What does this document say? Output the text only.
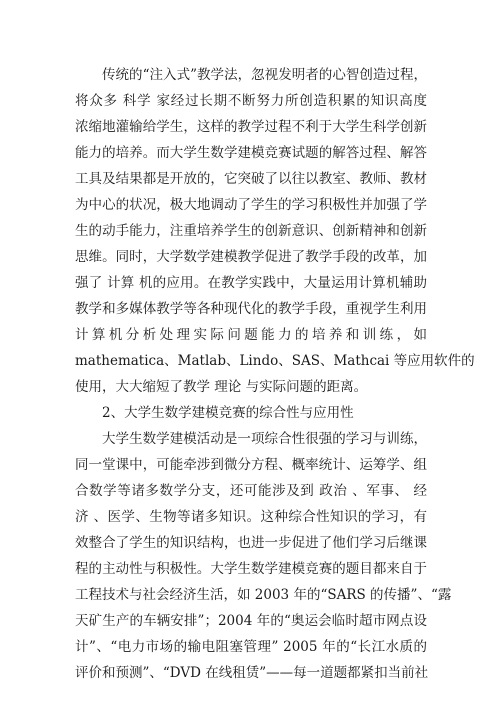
传统的“注入式”教学法，忽视发明者的心智创造过程，
将众多 科学 家经过长期不断努力所创造积累的知识高度
浓缩地灌输给学生，这样的教学过程不利于大学生科学创新
能力的培养。而大学生数学建模竞赛试题的解答过程、解答
工具及结果都是开放的，它突破了以往以教室、教师、教材
为中心的状况，极大地调动了学生的学习积极性并加强了学
生的动手能力，注重培养学生的创新意识、创新精神和创新
思维。同时，大学数学建模教学促进了教学手段的改革，加
强了 计算 机的应用。在教学实践中，大量运用计算机辅助
教学和多媒体教学等各种现代化的教学手段，重视学生利用
计算机分析处理实际问题能力的培养和训练，如
mathematica、Matlab、Lindo、SAS、Mathcai 等应用软件的
使用，大大缩短了教学 理论 与实际问题的距离。
2、大学生数学建模竞赛的综合性与应用性
大学生数学建模活动是一项综合性很强的学习与训练，
同一堂课中，可能牵涉到微分方程、概率统计、运筹学、组
合数学等诸多数学分支，还可能涉及到 政治 、军事、 经
济 、医学、生物等诸多知识。这种综合性知识的学习，有
效整合了学生的知识结构，也进一步促进了他们学习后继课
程的主动性与积极性。大学生数学建模竞赛的题目都来自于
工程技术与社会经济生活，如 2003 年的“SARS 的传播”、“露
天矿生产的车辆安排”；2004 年的“奥运会临时超市网点设
计”、“电力市场的输电阻塞管理” 2005 年的“长江水质的
评价和预测”、“DVD 在线租赁”——每一道题都紧扣当前社
